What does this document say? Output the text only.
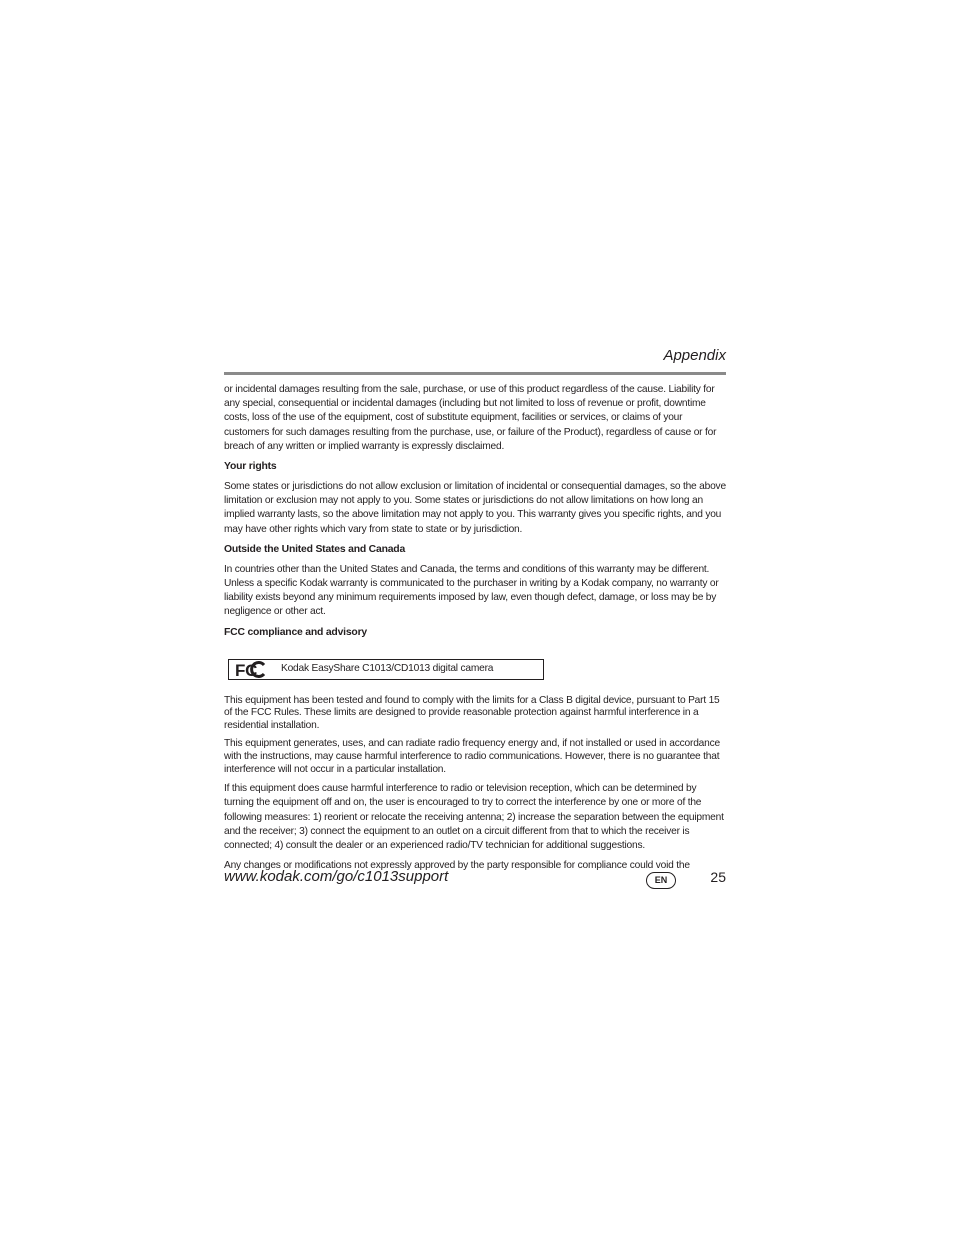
Appendix

or incidental damages resulting from the sale, purchase, or use of this product regardless of the cause. Liability for any special, consequential or incidental damages (including but not limited to loss of revenue or profit, downtime costs, loss of the use of the equipment, cost of substitute equipment, facilities or services, or claims of your customers for such damages resulting from the purchase, use, or failure of the Product), regardless of cause or for breach of any written or implied warranty is expressly disclaimed.

Your rights

Some states or jurisdictions do not allow exclusion or limitation of incidental or consequential damages, so the above limitation or exclusion may not apply to you. Some states or jurisdictions do not allow limitations on how long an implied warranty lasts, so the above limitation may not apply to you. This warranty gives you specific rights, and you may have other rights which vary from state to state or by jurisdiction.

Outside the United States and Canada

In countries other than the United States and Canada, the terms and conditions of this warranty may be different. Unless a specific Kodak warranty is communicated to the purchaser in writing by a Kodak company, no warranty or liability exists beyond any minimum requirements imposed by law, even though defect, damage, or loss may be by negligence or other act.

FCC compliance and advisory
FC Kodak EasyShare C1013/CD1013 digital camera

This equipment has been tested and found to comply with the limits for a Class B digital device, pursuant to Part 15 of the FCC Rules. These limits are designed to provide reasonable protection against harmful interference in a residential installation.

This equipment generates, uses, and can radiate radio frequency energy and, if not installed or used in accordance with the instructions, may cause harmful interference to radio communications. However, there is no guarantee that interference will not occur in a particular installation.

If this equipment does cause harmful interference to radio or television reception, which can be determined by turning the equipment off and on, the user is encouraged to try to correct the interference by one or more of the following measures: 1) reorient or relocate the receiving antenna; 2) increase the separation between the equipment and the receiver; 3) connect the equipment to an outlet on a circuit different from that to which the receiver is connected; 4) consult the dealer or an experienced radio/TV technician for additional suggestions.

Any changes or modifications not expressly approved by the party responsible for compliance could void the

www.kodak.com/go/c1013support	EN	25
